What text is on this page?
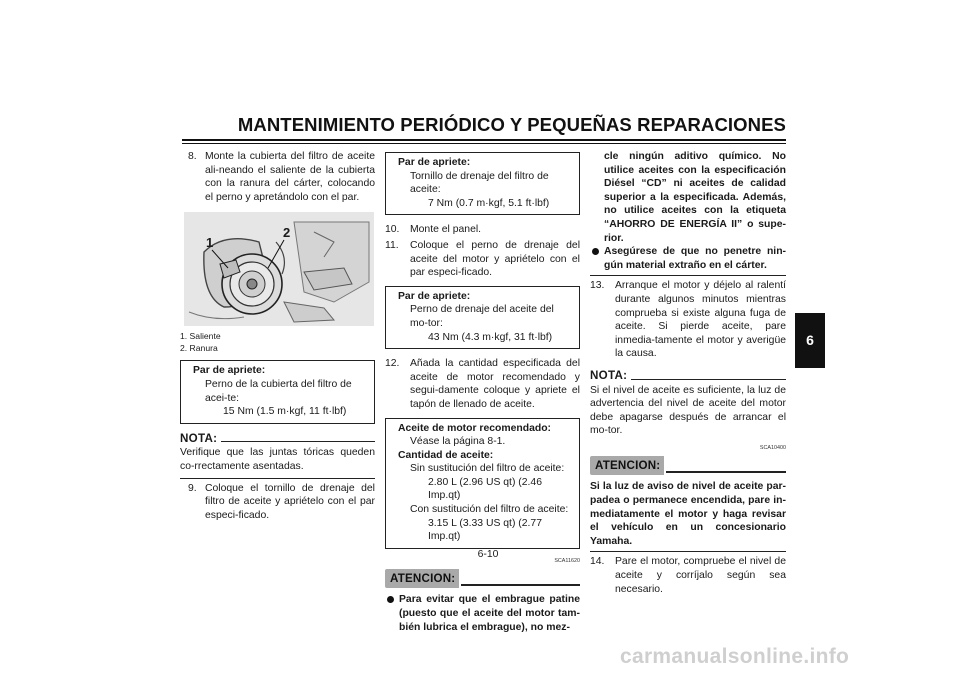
MANTENIMIENTO PERIÓDICO Y PEQUEÑAS REPARACIONES
8. Monte la cubierta del filtro de aceite ali-neando el saliente de la cubierta con la ranura del cárter, colocando el perno y apretándolo con el par.

1
2

1. Saliente

2. Ranura

Par de apriete:

Perno de la cubierta del filtro de acei-te:

15 Nm (1.5 m·kgf, 11 ft·lbf)

NOTA:

Verifique que las juntas tóricas queden co-rrectamente asentadas.

9. Coloque el tornillo de drenaje del filtro de aceite y apriételo con el par especi-ficado.

Par de apriete:

Tornillo de drenaje del filtro de aceite:

7 Nm (0.7 m·kgf, 5.1 ft·lbf)

10. Monte el panel.

11. Coloque el perno de drenaje del aceite del motor y apriételo con el par especi-ficado.

Par de apriete:

Perno de drenaje del aceite del mo-tor:

43 Nm (4.3 m·kgf, 31 ft·lbf)

12. Añada la cantidad especificada del aceite de motor recomendado y segui-damente coloque y apriete el tapón de llenado de aceite.

Aceite de motor recomendado:

Véase la página 8-1.

Cantidad de aceite:

Sin sustitución del filtro de aceite:

2.80 L (2.96 US qt) (2.46 Imp.qt)

Con sustitución del filtro de aceite:

3.15 L (3.33 US qt) (2.77 Imp.qt)

SCA11620

ATENCION:

Para evitar que el embrague patine (puesto que el aceite del motor tam-bién lubrica el embrague), no mez-

cle ningún aditivo químico. No utilice aceites con la especificación Diésel “CD” ni aceites de calidad superior a la especificada. Además, no utilice aceites con la etiqueta “AHORRO DE ENERGÍA II” o supe-rior.

Asegúrese de que no penetre nin-gún material extraño en el cárter.

13. Arranque el motor y déjelo al ralentí durante algunos minutos mientras comprueba si existe alguna fuga de aceite. Si pierde aceite, pare inmedia-tamente el motor y averigüe la causa.

NOTA:

Si el nivel de aceite es suficiente, la luz de advertencia del nivel de aceite del motor debe apagarse después de arrancar el mo-tor.

SCA10400

ATENCION:

Si la luz de aviso de nivel de aceite par-padea o permanece encendida, pare in-mediatamente el motor y haga revisar el vehículo en un concesionario Yamaha.

14. Pare el motor, compruebe el nivel de aceite y corríjalo según sea necesario.

6
6-10
carmanualsonline.info
